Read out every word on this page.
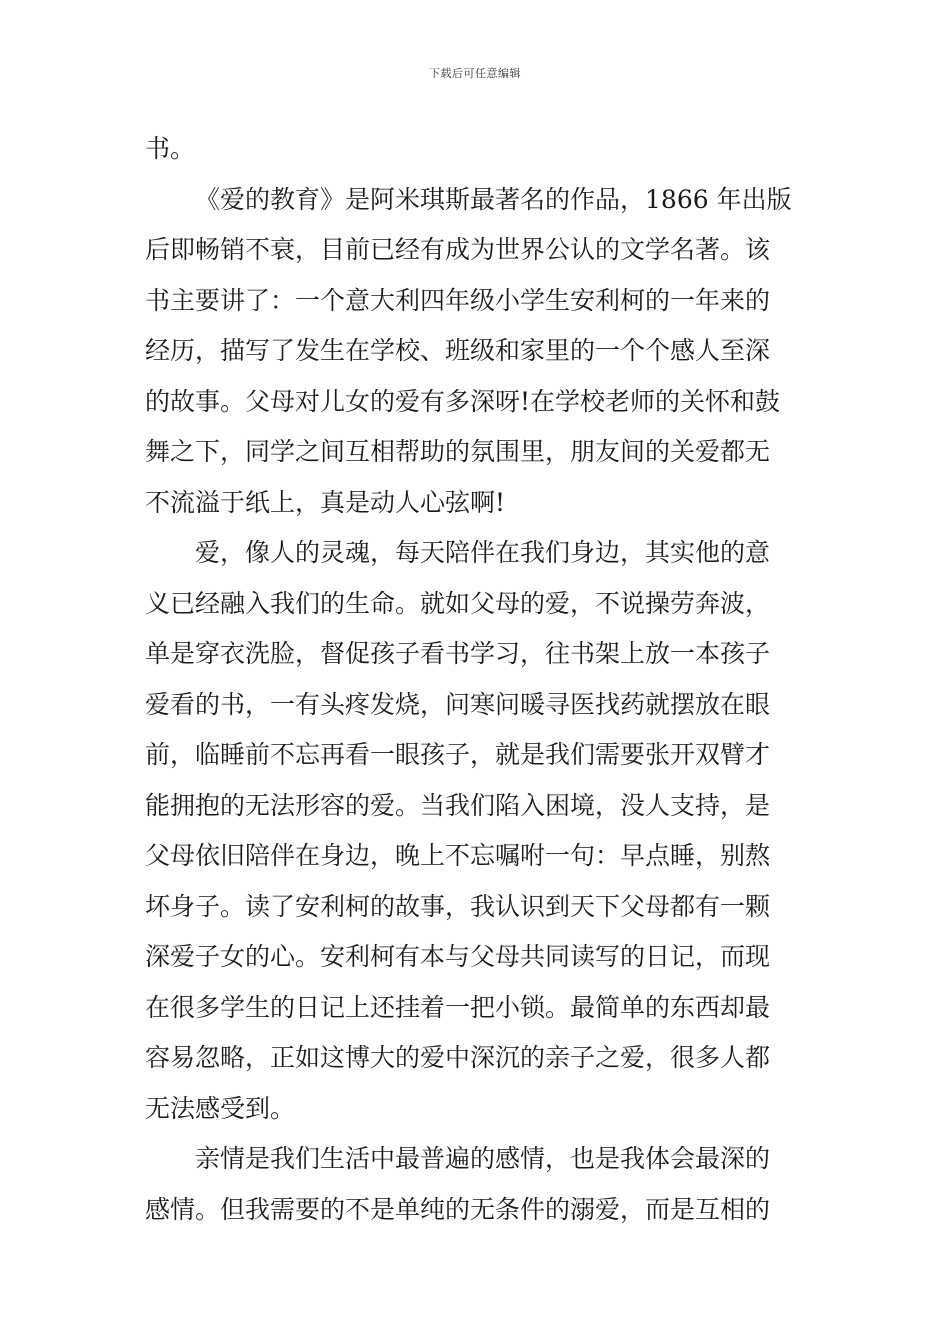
下载后可任意编辑
书。
《爱的教育》是阿米琪斯最著名的作品，1866 年出版
后即畅销不衰，目前已经有成为世界公认的文学名著。该
书主要讲了：一个意大利四年级小学生安利柯的一年来的
经历，描写了发生在学校、班级和家里的一个个感人至深
的故事。父母对儿女的爱有多深呀!在学校老师的关怀和鼓
舞之下，同学之间互相帮助的氛围里，朋友间的关爱都无
不流溢于纸上，真是动人心弦啊!
爱，像人的灵魂，每天陪伴在我们身边，其实他的意
义已经融入我们的生命。就如父母的爱，不说操劳奔波，
单是穿衣洗脸，督促孩子看书学习，往书架上放一本孩子
爱看的书，一有头疼发烧，问寒问暖寻医找药就摆放在眼
前，临睡前不忘再看一眼孩子，就是我们需要张开双臂才
能拥抱的无法形容的爱。当我们陷入困境，没人支持，是
父母依旧陪伴在身边，晚上不忘嘱咐一句：早点睡，别熬
坏身子。读了安利柯的故事，我认识到天下父母都有一颗
深爱子女的心。安利柯有本与父母共同读写的日记，而现
在很多学生的日记上还挂着一把小锁。最简单的东西却最
容易忽略，正如这博大的爱中深沉的亲子之爱，很多人都
无法感受到。
亲情是我们生活中最普遍的感情，也是我体会最深的
感情。但我需要的不是单纯的无条件的溺爱，而是互相的
